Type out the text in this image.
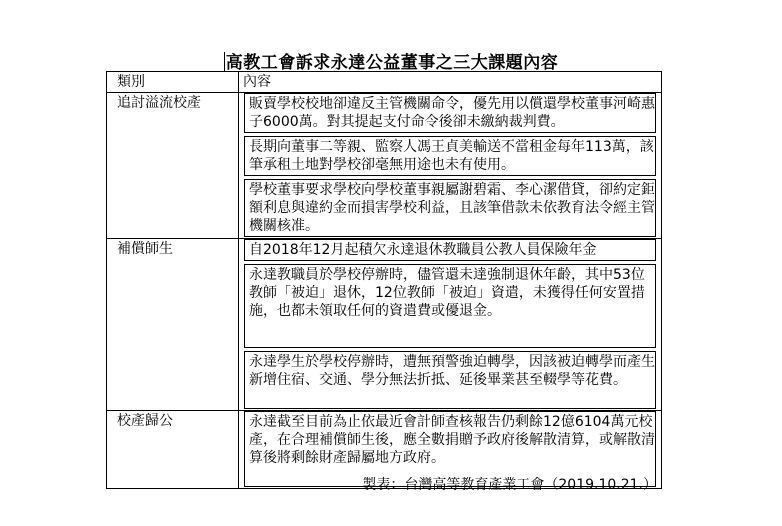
高教工會訴求永達公益董事之三大課題內容
類別	內容
追討溢流校產	販賣學校校地卻違反主管機關命令，優先用以償還學校董事河崎惠子6000萬。對其提起支付命令後卻未繳納裁判費。
長期向董事二等親、監察人馮王貞美輸送不當租金每年113萬，該筆承租土地對學校卻毫無用途也未有使用。
學校董事要求學校向學校董事親屬謝碧霜、李心潔借貸，卻約定鉅額利息與違約金而損害學校利益，且該筆借款未依教育法令經主管機關核准。

補償師生	自2018年12月起積欠永達退休教職員公教人員保險年金
永達教職員於學校停辦時，儘管還未達強制退休年齡，其中53位教師「被迫」退休，12位教師「被迫」資遣，未獲得任何安置措施，也都未領取任何的資遣費或優退金。
永達學生於學校停辦時，遭無預警強迫轉學，因該被迫轉學而產生新增住宿、交通、學分無法折抵、延後畢業甚至輟學等花費。

校產歸公	永達截至目前為止依最近會計師查核報告仍剩餘12億6104萬元校產，在合理補償師生後，應全數捐贈予政府後解散清算，或解散清算後將剩餘財產歸屬地方政府。
製表：台灣高等教育產業工會（2019.10.21.）
